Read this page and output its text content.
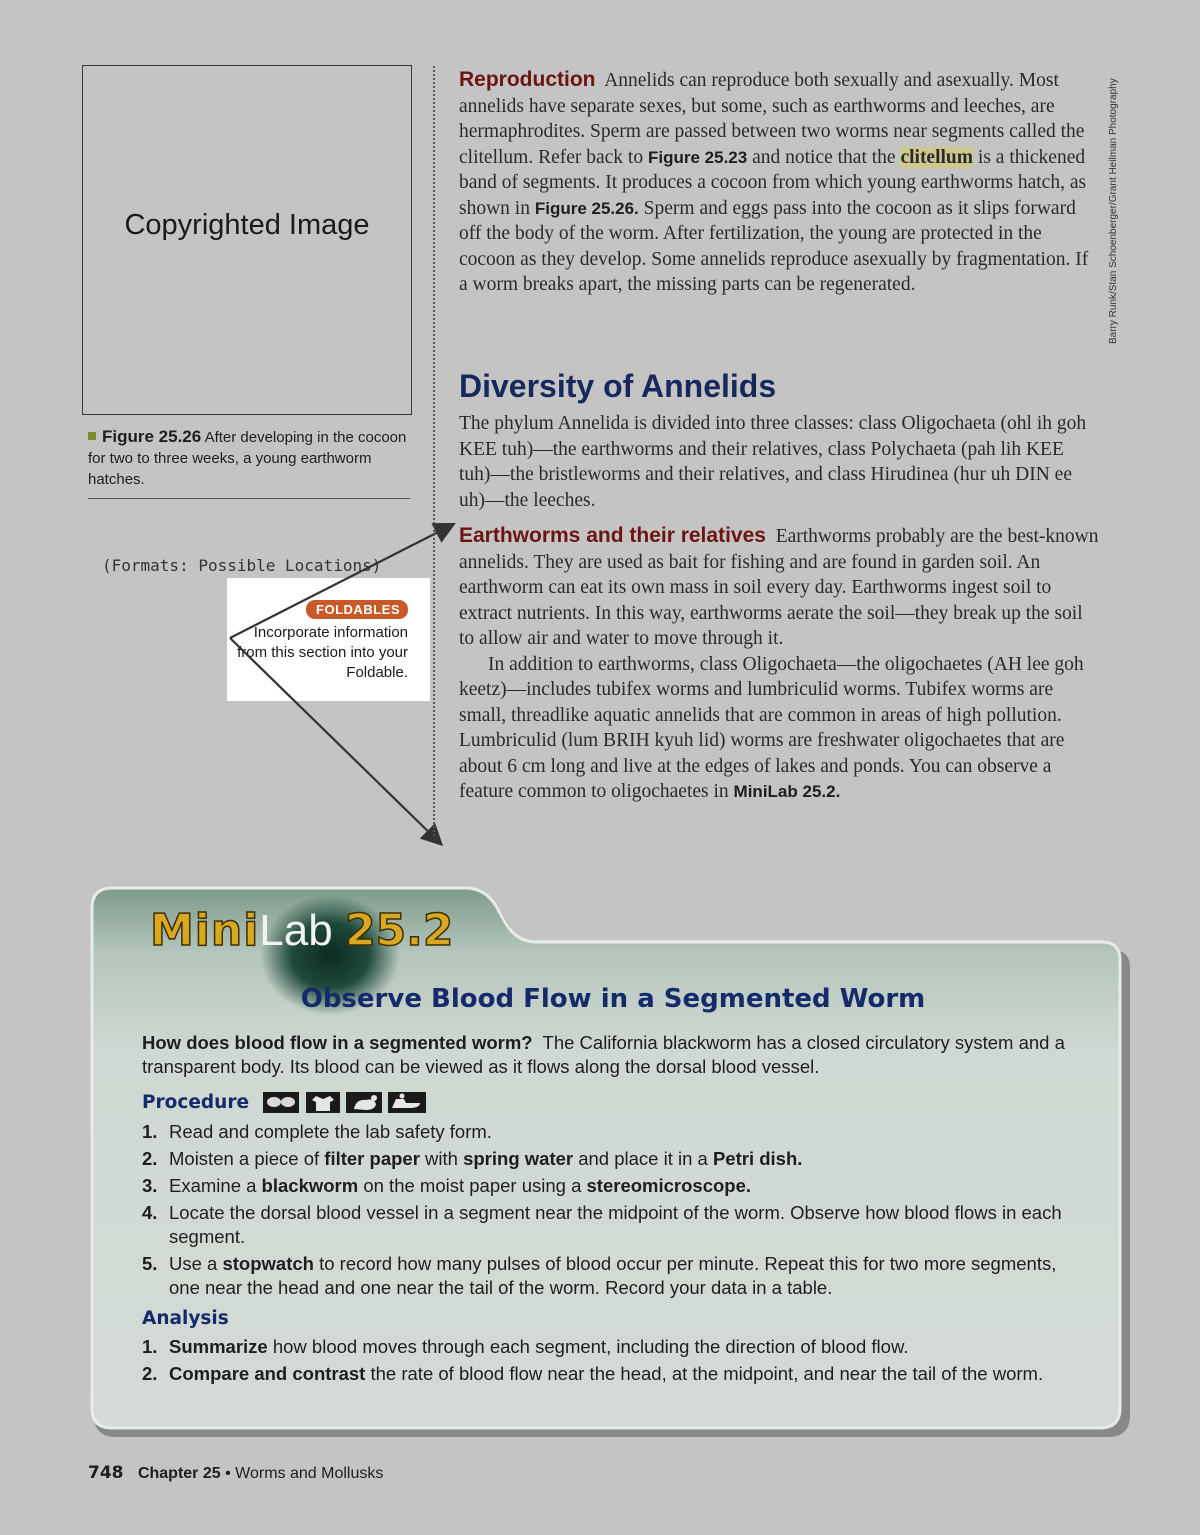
Copyrighted Image
Figure 25.26 After developing in the cocoon for two to three weeks, a young earthworm hatches.
(Formats: Possible Locations)
FOLDABLES
Incorporate information from this section into your Foldable.
Reproduction Annelids can reproduce both sexually and asexually. Most annelids have separate sexes, but some, such as earthworms and leeches, are hermaphrodites. Sperm are passed between two worms near segments called the clitellum. Refer back to Figure 25.23 and notice that the clitellum is a thickened band of segments. It produces a cocoon from which young earthworms hatch, as shown in Figure 25.26. Sperm and eggs pass into the cocoon as it slips forward off the body of the worm. After fertilization, the young are protected in the cocoon as they develop. Some annelids reproduce asexually by fragmentation. If a worm breaks apart, the missing parts can be regenerated.	Barry Runk/Stan Schoenberger/Grant Heilman Photography
Diversity of Annelids
The phylum Annelida is divided into three classes: class Oligochaeta (ohl ih goh KEE tuh)—the earthworms and their relatives, class Polychaeta (pah lih KEE tuh)—the bristleworms and their relatives, and class Hirudinea (hur uh DIN ee uh)—the leeches.
Earthworms and their relatives Earthworms probably are the best-known annelids. They are used as bait for fishing and are found in garden soil. An earthworm can eat its own mass in soil every day. Earthworms ingest soil to extract nutrients. In this way, earthworms aerate the soil—they break up the soil to allow air and water to move through it.
In addition to earthworms, class Oligochaeta—the oligochaetes (AH lee goh keetz)—includes tubifex worms and lumbriculid worms. Tubifex worms are small, threadlike aquatic annelids that are common in areas of high pollution. Lumbriculid (lum BRIH kyuh lid) worms are freshwater oligochaetes that are about 6 cm long and live at the edges of lakes and ponds. You can observe a feature common to oligochaetes in MiniLab 25.2.
MiniLab 25.2
Observe Blood Flow in a Segmented Worm
How does blood flow in a segmented worm? The California blackworm has a closed circulatory system and a transparent body. Its blood can be viewed as it flows along the dorsal blood vessel.
Procedure
1. Read and complete the lab safety form.
2. Moisten a piece of filter paper with spring water and place it in a Petri dish.
3. Examine a blackworm on the moist paper using a stereomicroscope.
4. Locate the dorsal blood vessel in a segment near the midpoint of the worm. Observe how blood flows in each segment.
5. Use a stopwatch to record how many pulses of blood occur per minute. Repeat this for two more segments, one near the head and one near the tail of the worm. Record your data in a table.
Analysis
1. Summarize how blood moves through each segment, including the direction of blood flow.
2. Compare and contrast the rate of blood flow near the head, at the midpoint, and near the tail of the worm.
748 Chapter 25 • Worms and Mollusks
